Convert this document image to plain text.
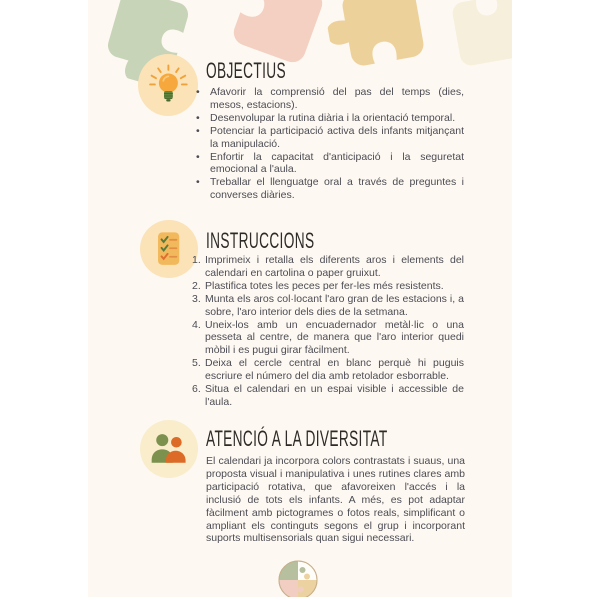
OBJECTIUS
• Afavorir la comprensió del pas del temps (dies, mesos, estacions).
• Desenvolupar la rutina diària i la orientació temporal.
• Potenciar la participació activa dels infants mitjançant la manipulació.
• Enfortir la capacitat d'anticipació i la seguretat emocional a l'aula.
• Treballar el llenguatge oral a través de preguntes i converses diàries.
INSTRUCCIONS
1. Imprimeix i retalla els diferents aros i elements del calendari en cartolina o paper gruixut.
2. Plastifica totes les peces per fer-les més resistents.
3. Munta els aros col·locant l'aro gran de les estacions i, a sobre, l'aro interior dels dies de la setmana.
4. Uneix-los amb un encuadernador metàl·lic o una pesseta al centre, de manera que l'aro interior quedi mòbil i es pugui girar fàcilment.
5. Deixa el cercle central en blanc perquè hi puguis escriure el número del dia amb retolador esborrable.
6. Situa el calendari en un espai visible i accessible de l'aula.
ATENCIÓ A LA DIVERSITAT
El calendari ja incorpora colors contrastats i suaus, una proposta visual i manipulativa i unes rutines clares amb participació rotativa, que afavoreixen l'accés i la inclusió de tots els infants. A més, es pot adaptar fàcilment amb pictogrames o fotos reals, simplificant o ampliant els continguts segons el grup i incorporant suports multisensorials quan sigui necessari.
